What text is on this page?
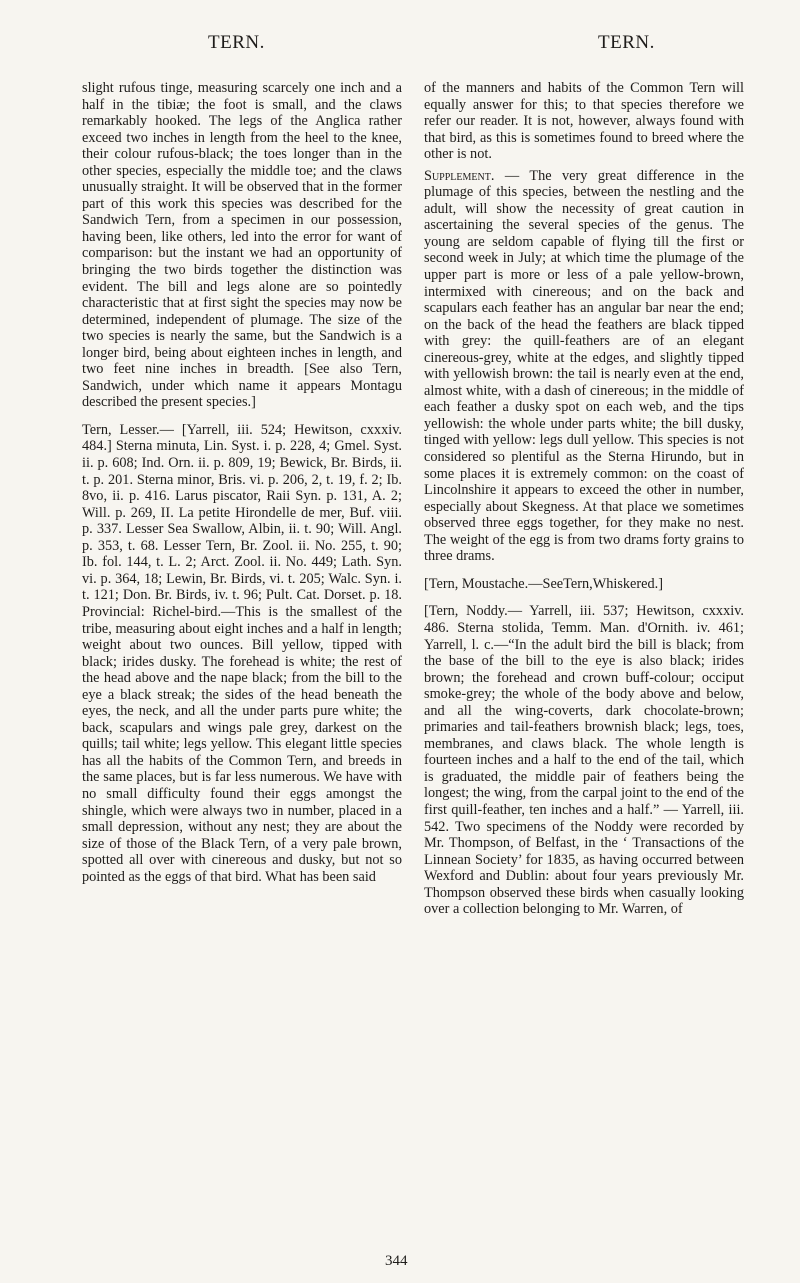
TERN.	TERN.

slight rufous tinge, measuring scarcely one inch and a half in the tibiæ; the foot is small, and the claws remarkably hooked. The legs of the Anglica rather exceed two inches in length from the heel to the knee, their colour rufous-black; the toes longer than in the other species, especially the middle toe; and the claws unusually straight. It will be observed that in the former part of this work this species was described for the Sandwich Tern, from a specimen in our possession, having been, like others, led into the error for want of comparison: but the instant we had an opportunity of bringing the two birds together the distinction was evident. The bill and legs alone are so pointedly characteristic that at first sight the species may now be determined, independent of plumage. The size of the two species is nearly the same, but the Sandwich is a longer bird, being about eighteen inches in length, and two feet nine inches in breadth. [See also Tern, Sandwich, under which name it appears Montagu described the present species.]

Tern, Lesser.— [Yarrell, iii. 524; Hewitson, cxxxiv. 484.] Sterna minuta, Lin. Syst. i. p. 228, 4; Gmel. Syst. ii. p. 608; Ind. Orn. ii. p. 809, 19; Bewick, Br. Birds, ii. t. p. 201. Sterna minor, Bris. vi. p. 206, 2, t. 19, f. 2; Ib. 8vo, ii. p. 416. Larus piscator, Raii Syn. p. 131, A. 2; Will. p. 269, II. La petite Hirondelle de mer, Buf. viii. p. 337. Lesser Sea Swallow, Albin, ii. t. 90; Will. Angl. p. 353, t. 68. Lesser Tern, Br. Zool. ii. No. 255, t. 90; Ib. fol. 144, t. L. 2; Arct. Zool. ii. No. 449; Lath. Syn. vi. p. 364, 18; Lewin, Br. Birds, vi. t. 205; Walc. Syn. i. t. 121; Don. Br. Birds, iv. t. 96; Pult. Cat. Dorset. p. 18. Provincial: Richel-bird.—This is the smallest of the tribe, measuring about eight inches and a half in length; weight about two ounces. Bill yellow, tipped with black; irides dusky. The forehead is white; the rest of the head above and the nape black; from the bill to the eye a black streak; the sides of the head beneath the eyes, the neck, and all the under parts pure white; the back, scapulars and wings pale grey, darkest on the quills; tail white; legs yellow. This elegant little species has all the habits of the Common Tern, and breeds in the same places, but is far less numerous. We have with no small difficulty found their eggs amongst the shingle, which were always two in number, placed in a small depression, without any nest; they are about the size of those of the Black Tern, of a very pale brown, spotted all over with cinereous and dusky, but not so pointed as the eggs of that bird. What has been said

of the manners and habits of the Common Tern will equally answer for this; to that species therefore we refer our reader. It is not, however, always found with that bird, as this is sometimes found to breed where the other is not.

Supplement. — The very great difference in the plumage of this species, between the nestling and the adult, will show the necessity of great caution in ascertaining the several species of the genus. The young are seldom capable of flying till the first or second week in July; at which time the plumage of the upper part is more or less of a pale yellow-brown, intermixed with cinereous; and on the back and scapulars each feather has an angular bar near the end; on the back of the head the feathers are black tipped with grey: the quill-feathers are of an elegant cinereous-grey, white at the edges, and slightly tipped with yellowish brown: the tail is nearly even at the end, almost white, with a dash of cinereous; in the middle of each feather a dusky spot on each web, and the tips yellowish: the whole under parts white; the bill dusky, tinged with yellow: legs dull yellow. This species is not considered so plentiful as the Sterna Hirundo, but in some places it is extremely common: on the coast of Lincolnshire it appears to exceed the other in number, especially about Skegness. At that place we sometimes observed three eggs together, for they make no nest. The weight of the egg is from two drams forty grains to three drams.

[Tern, Moustache.—SeeTern,Whiskered.]

[Tern, Noddy.— Yarrell, iii. 537; Hewitson, cxxxiv. 486. Sterna stolida, Temm. Man. d'Ornith. iv. 461; Yarrell, l. c.—“In the adult bird the bill is black; from the base of the bill to the eye is also black; irides brown; the forehead and crown buff-colour; occiput smoke-grey; the whole of the body above and below, and all the wing-coverts, dark chocolate-brown; primaries and tail-feathers brownish black; legs, toes, membranes, and claws black. The whole length is fourteen inches and a half to the end of the tail, which is graduated, the middle pair of feathers being the longest; the wing, from the carpal joint to the end of the first quill-feather, ten inches and a half.” — Yarrell, iii. 542. Two specimens of the Noddy were recorded by Mr. Thompson, of Belfast, in the ‘ Transactions of the Linnean Society’ for 1835, as having occurred between Wexford and Dublin: about four years previously Mr. Thompson observed these birds when casually looking over a collection belonging to Mr. Warren, of

344
